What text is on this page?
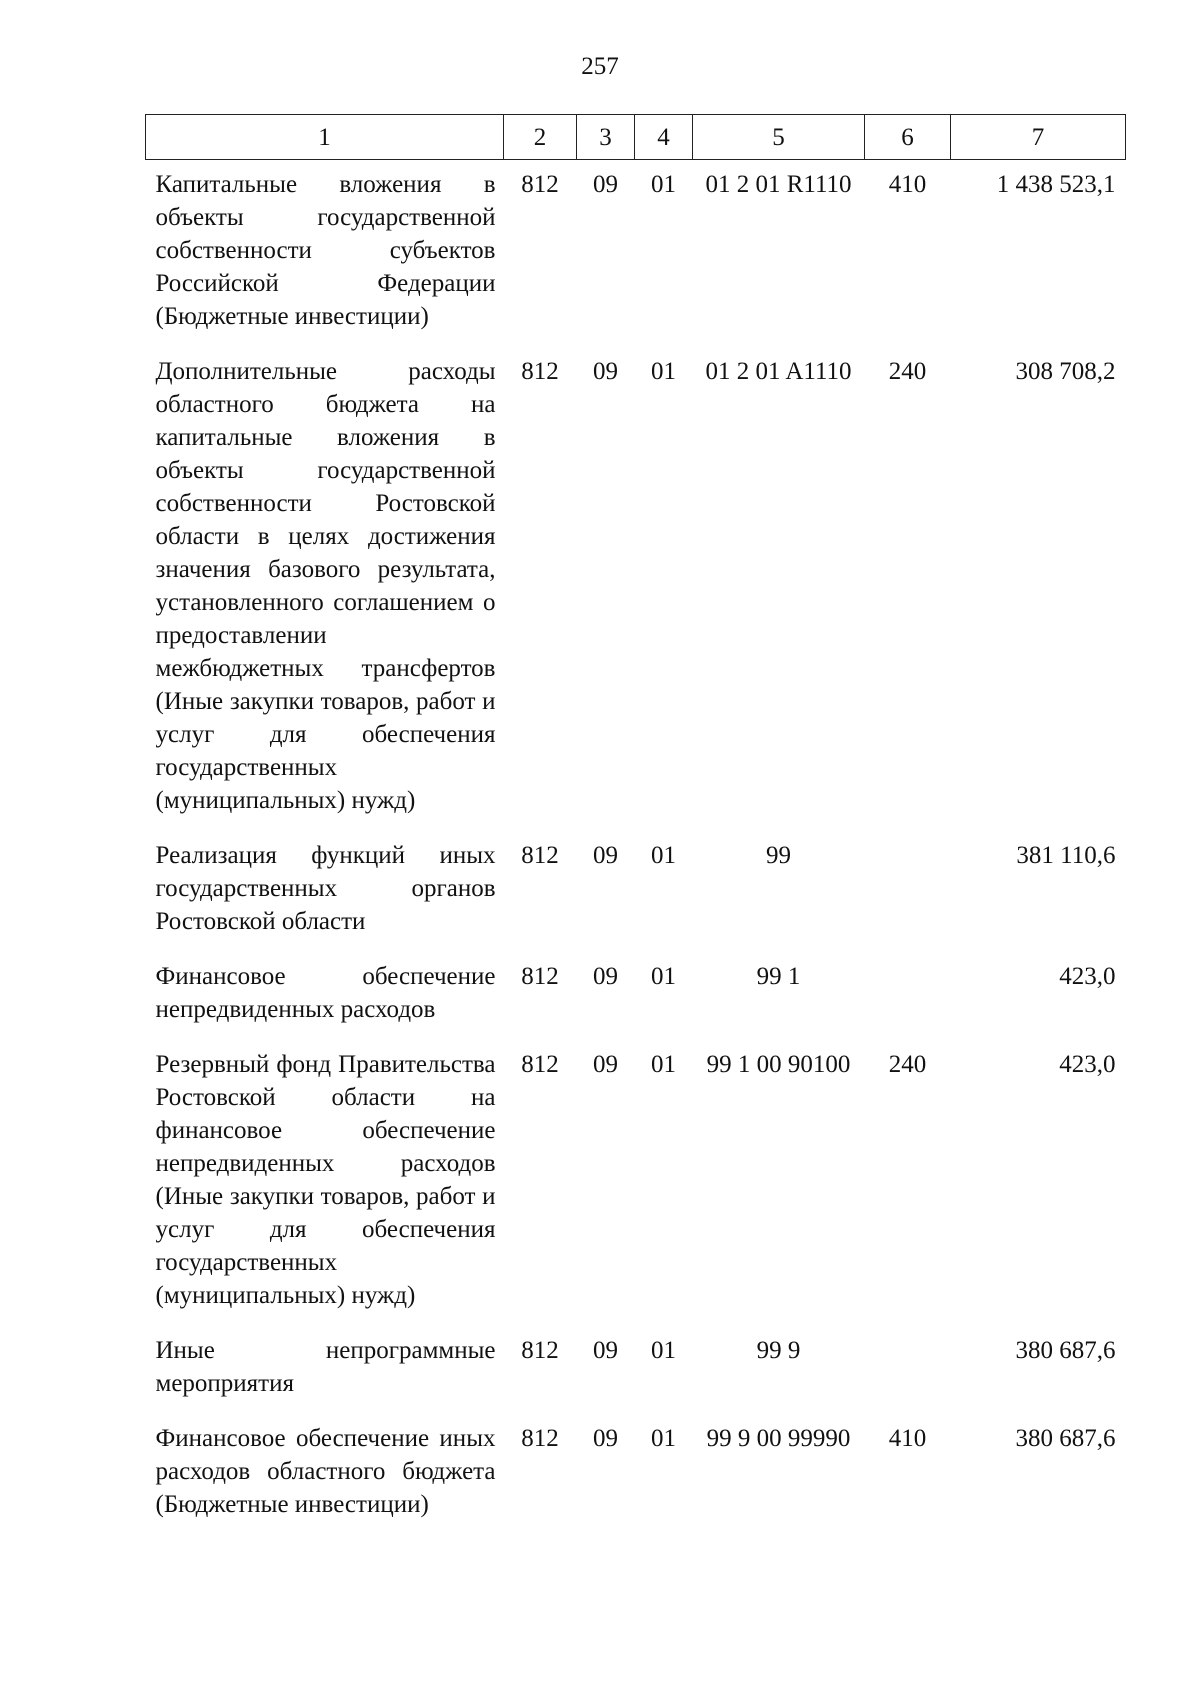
257
1	2	3	4	5	6	7
Капитальные вложения в объекты государственной собственности субъектов Российской Федерации (Бюджетные инвестиции)	812	09	01	01 2 01 R1110	410	1 438 523,1
Дополнительные расходы областного бюджета на капитальные вложения в объекты государственной собственности Ростовской области в целях достижения значения базового результата, установленного соглашением о предоставлении межбюджетных трансфертов (Иные закупки товаров, работ и услуг для обеспечения государственных (муниципальных) нужд)	812	09	01	01 2 01 A1110	240	308 708,2
Реализация функций иных государственных органов Ростовской области	812	09	01	99		381 110,6
Финансовое обеспечение непредвиденных расходов	812	09	01	99 1		423,0
Резервный фонд Правительства Ростовской области на финансовое обеспечение непредвиденных расходов (Иные закупки товаров, работ и услуг для обеспечения государственных (муниципальных) нужд)	812	09	01	99 1 00 90100	240	423,0
Иные непрограммные мероприятия	812	09	01	99 9		380 687,6
Финансовое обеспечение иных расходов областного бюджета (Бюджетные инвестиции)	812	09	01	99 9 00 99990	410	380 687,6
